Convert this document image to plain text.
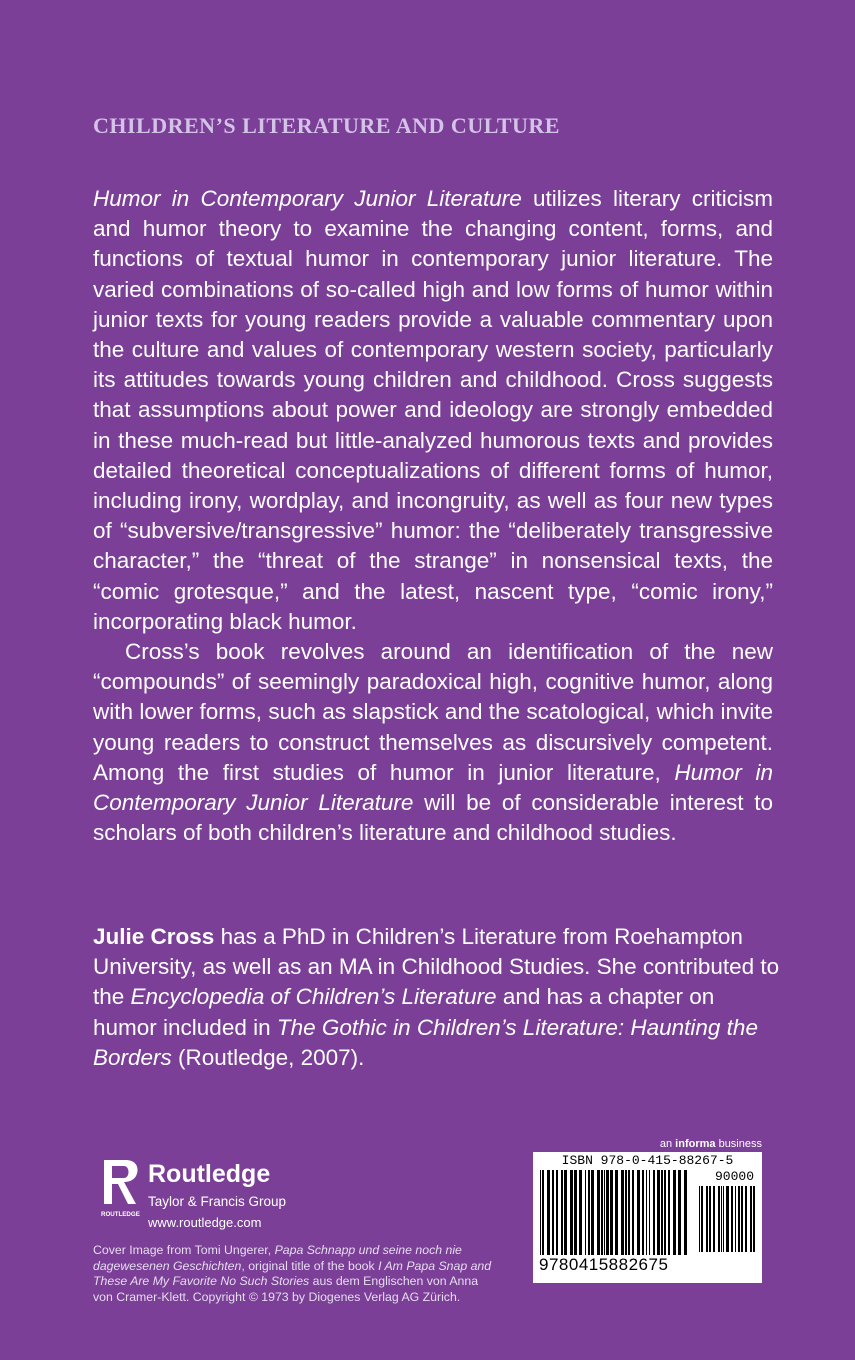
CHILDREN’S LITERATURE AND CULTURE

Humor in Contemporary Junior Literature utilizes literary criticism and humor theory to examine the changing content, forms, and functions of textual humor in contemporary junior literature. The varied combinations of so-called high and low forms of humor within junior texts for young readers provide a valuable commentary upon the culture and values of contemporary western society, particularly its attitudes towards young children and childhood. Cross suggests that assumptions about power and ideology are strongly embedded in these much-read but little-analyzed humorous texts and provides detailed theoretical conceptualizations of different forms of humor, including irony, wordplay, and incongruity, as well as four new types of “subversive/transgressive” humor: the “deliberately transgressive character,” the “threat of the strange” in nonsensical texts, the “comic grotesque,” and the latest, nascent type, “comic irony,” incorporating black humor.

Cross’s book revolves around an identification of the new “compounds” of seemingly paradoxical high, cognitive humor, along with lower forms, such as slapstick and the scatological, which invite young readers to construct themselves as discursively competent. Among the first studies of humor in junior literature, Humor in Contemporary Junior Literature will be of considerable interest to scholars of both children’s literature and childhood studies.

Julie Cross has a PhD in Children’s Literature from Roehampton University, as well as an MA in Childhood Studies. She contributed to the Encyclopedia of Children’s Literature and has a chapter on humor included in The Gothic in Children’s Literature: Haunting the Borders (Routledge, 2007).

ROUTLEDGE
Routledge
Taylor & Francis Group
www.routledge.com
Cover Image from Tomi Ungerer, Papa Schnapp und seine noch nie dagewesenen Geschichten, original title of the book I Am Papa Snap and These Are My Favorite No Such Stories aus dem Englischen von Anna von Cramer-Klett. Copyright © 1973 by Diogenes Verlag AG Zürich.
an informa business
ISBN 978-0-415-88267-5
90000
9780415882675
